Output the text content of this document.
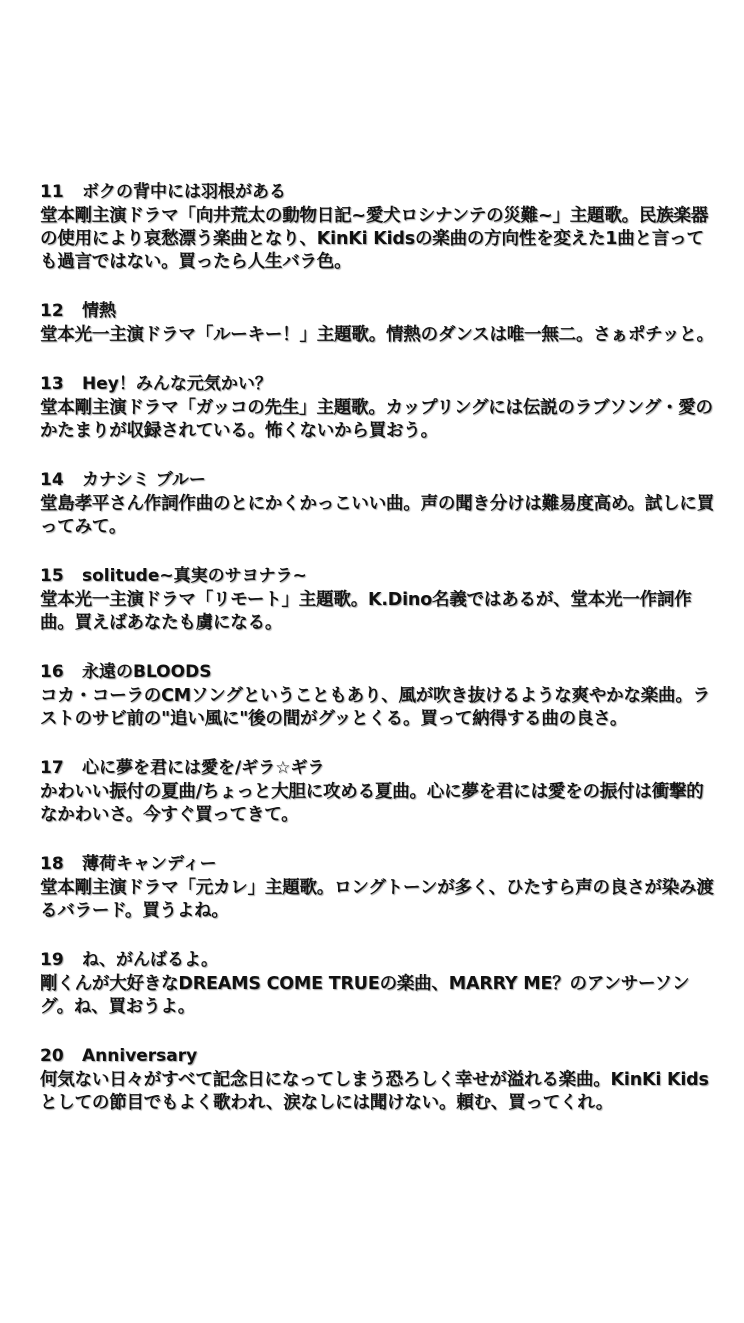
11	ボクの背中には羽根がある
堂本剛主演ドラマ「向井荒太の動物日記~愛犬ロシナンテの災難~」主題歌。民族楽器の使用により哀愁漂う楽曲となり、KinKi Kidsの楽曲の方向性を変えた1曲と言っても過言ではない。買ったら人生バラ色。
12	情熱
堂本光一主演ドラマ「ルーキー！」主題歌。情熱のダンスは唯一無二。さぁポチッと。
13	Hey！みんな元気かい？
堂本剛主演ドラマ「ガッコの先生」主題歌。カップリングには伝説のラブソング・愛のかたまりが収録されている。怖くないから買おう。
14	カナシミ ブルー
堂島孝平さん作詞作曲のとにかくかっこいい曲。声の聞き分けは難易度高め。試しに買ってみて。
15	solitude~真実のサヨナラ~
堂本光一主演ドラマ「リモート」主題歌。K.Dino名義ではあるが、堂本光一作詞作曲。買えばあなたも虜になる。
16	永遠のBLOODS
コカ・コーラのCMソングということもあり、風が吹き抜けるような爽やかな楽曲。ラストのサビ前の"追い風に"後の間がグッとくる。買って納得する曲の良さ。
17	心に夢を君には愛を/ギラ☆ギラ
かわいい振付の夏曲/ちょっと大胆に攻める夏曲。心に夢を君には愛をの振付は衝撃的なかわいさ。今すぐ買ってきて。
18	薄荷キャンディー
堂本剛主演ドラマ「元カレ」主題歌。ロングトーンが多く、ひたすら声の良さが染み渡るバラード。買うよね。
19	ね、がんばるよ。
剛くんが大好きなDREAMS COME TRUEの楽曲、MARRY ME？のアンサーソング。ね、買おうよ。
20	Anniversary
何気ない日々がすべて記念日になってしまう恐ろしく幸せが溢れる楽曲。KinKi Kidsとしての節目でもよく歌われ、涙なしには聞けない。頼む、買ってくれ。
